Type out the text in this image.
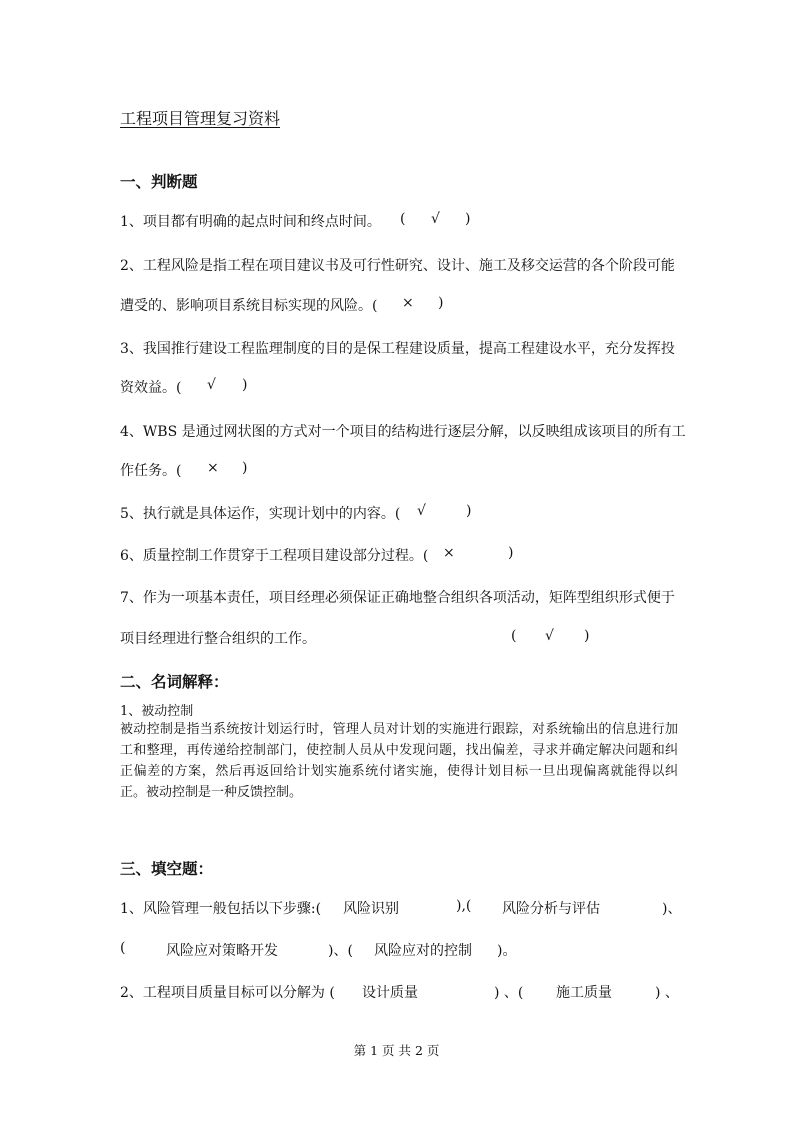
工程项目管理复习资料
一、判断题
1、项目都有明确的起点时间和终点时间。 ( √ )
2、工程风险是指工程在项目建议书及可行性研究、设计、施工及移交运营的各个阶段可能
遭受的、影响项目系统目标实现的风险。( × )
3、我国推行建设工程监理制度的目的是保工程建设质量，提高工程建设水平，充分发挥投
资效益。( √ )
4、WBS 是通过网状图的方式对一个项目的结构进行逐层分解，以反映组成该项目的所有工
作任务。( × )
5、执行就是具体运作，实现计划中的内容。( √	)
6、质量控制工作贯穿于工程项目建设部分过程。( ×	)
7、作为一项基本责任，项目经理必须保证正确地整合组织各项活动，矩阵型组织形式便于
项目经理进行整合组织的工作。	( √ )
二、名词解释：
1、被动控制
被动控制是指当系统按计划运行时，管理人员对计划的实施进行跟踪，对系统输出的信息进行加工和整理，再传递给控制部门，使控制人员从中发现问题，找出偏差，寻求并确定解决问题和纠正偏差的方案，然后再返回给计划实施系统付诸实施，使得计划目标一旦出现偏离就能得以纠正。被动控制是一种反馈控制。
三、填空题：
1、风险管理一般包括以下步骤:( 风险识别	),( 风险分析与评估	)、
(	风险应对策略开发	)、( 风险应对的控制 )。
2、工程项目质量目标可以分解为 ( 设计质量	) 、( 施工质量	) 、
第 1 页 共 2 页
